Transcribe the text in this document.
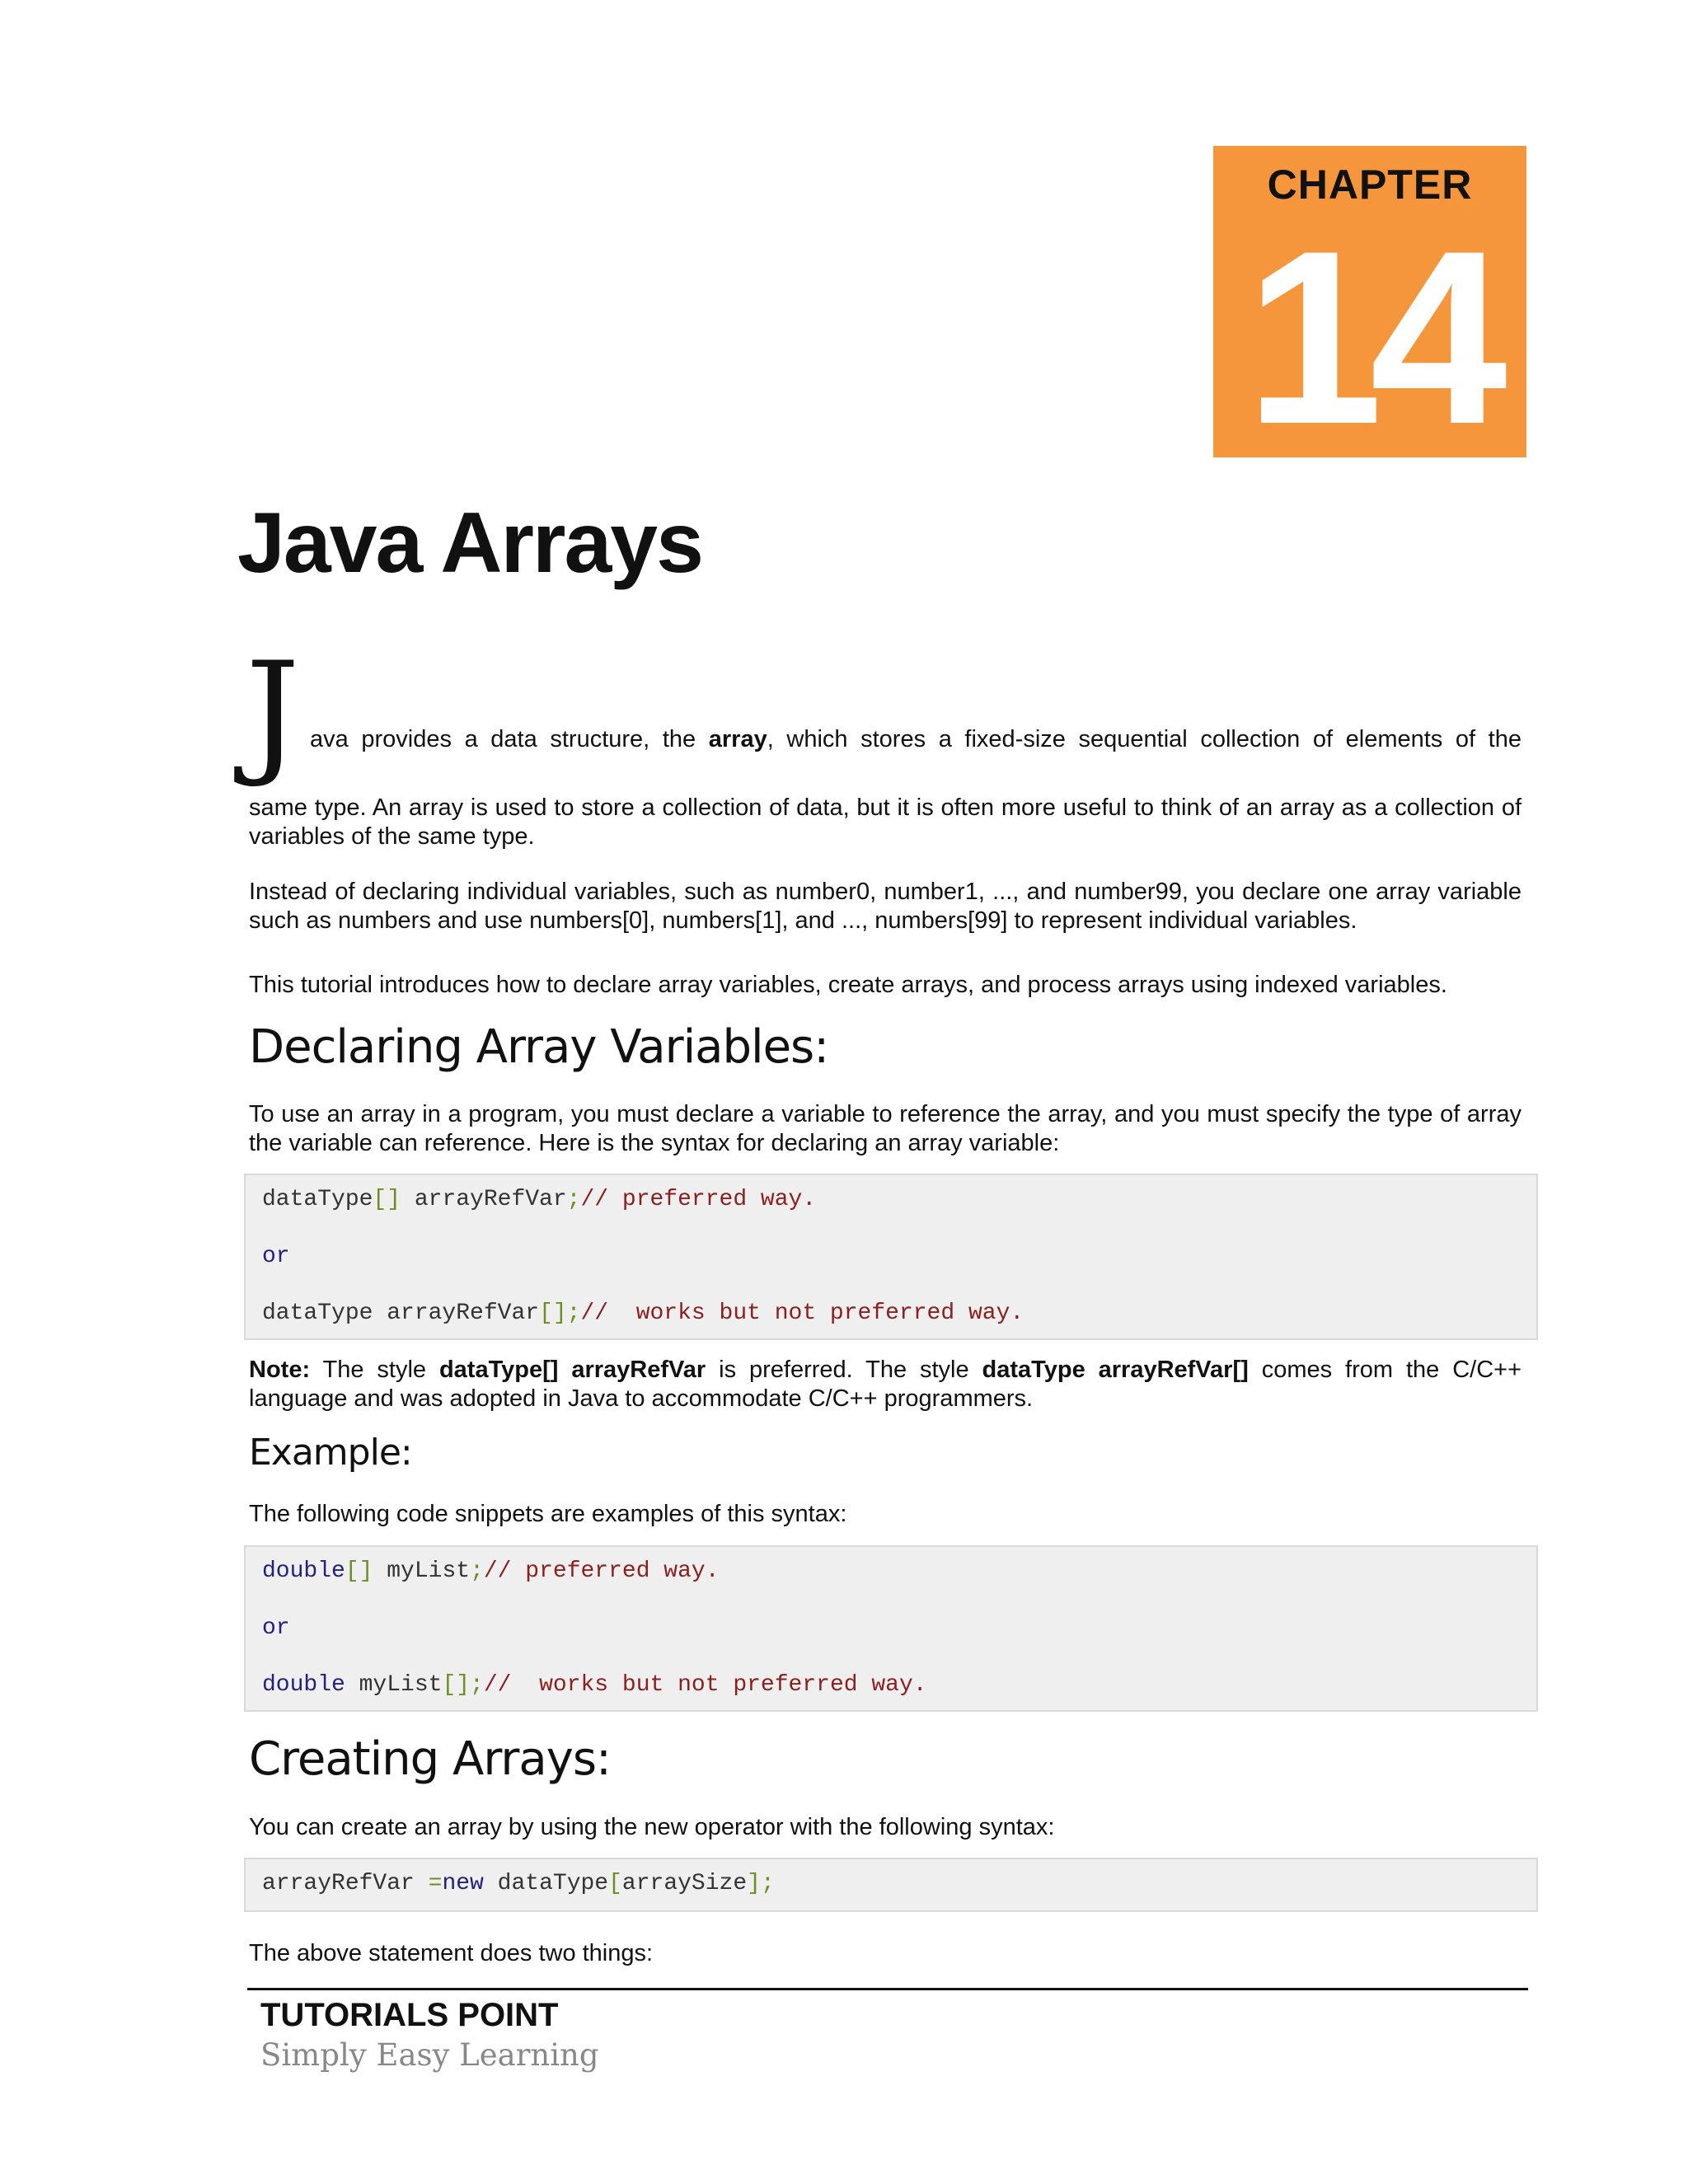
CHAPTER
14
Java Arrays
J ava provides a data structure, the array, which stores a fixed-size sequential collection of elements of the
same type. An array is used to store a collection of data, but it is often more useful to think of an array as a collection of variables of the same type.
Instead of declaring individual variables, such as number0, number1, ..., and number99, you declare one array variable such as numbers and use numbers[0], numbers[1], and ..., numbers[99] to represent individual variables.
This tutorial introduces how to declare array variables, create arrays, and process arrays using indexed variables.
Declaring Array Variables:
To use an array in a program, you must declare a variable to reference the array, and you must specify the type of array the variable can reference. Here is the syntax for declaring an array variable:
dataType[] arrayRefVar;// preferred way.
or
dataType arrayRefVar[];//  works but not preferred way.
Note: The style dataType[] arrayRefVar is preferred. The style dataType arrayRefVar[] comes from the C/C++ language and was adopted in Java to accommodate C/C++ programmers.
Example:
The following code snippets are examples of this syntax:
double[] myList;// preferred way.
or
double myList[];//  works but not preferred way.
Creating Arrays:
You can create an array by using the new operator with the following syntax:
arrayRefVar =new dataType[arraySize];
The above statement does two things:
TUTORIALS POINT
Simply Easy Learning
